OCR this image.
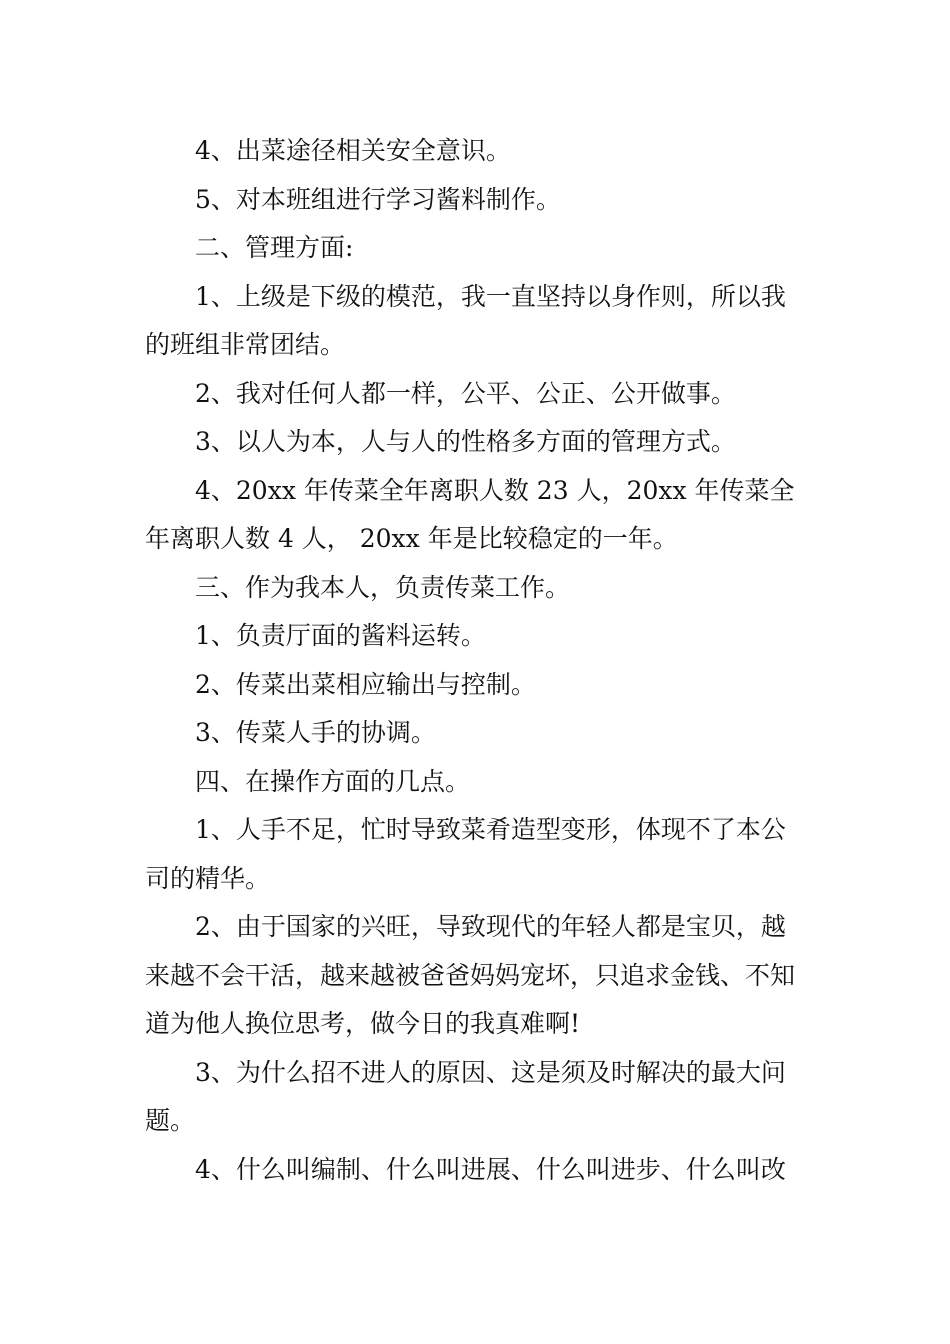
4、出菜途径相关安全意识。

5、对本班组进行学习酱料制作。

二、管理方面:

1、上级是下级的模范，我一直坚持以身作则，所以我的班组非常团结。

2、我对任何人都一样，公平、公正、公开做事。

3、以人为本，人与人的性格多方面的管理方式。

4、20xx 年传菜全年离职人数 23 人，20xx 年传菜全年离职人数 4 人， 20xx 年是比较稳定的一年。

三、作为我本人，负责传菜工作。

1、负责厅面的酱料运转。

2、传菜出菜相应输出与控制。

3、传菜人手的协调。

四、在操作方面的几点。

1、人手不足，忙时导致菜肴造型变形，体现不了本公司的精华。

2、由于国家的兴旺，导致现代的年轻人都是宝贝，越来越不会干活，越来越被爸爸妈妈宠坏，只追求金钱、不知道为他人换位思考，做今日的我真难啊!

3、为什么招不进人的原因、这是须及时解决的最大问题。

4、什么叫编制、什么叫进展、什么叫进步、什么叫改
